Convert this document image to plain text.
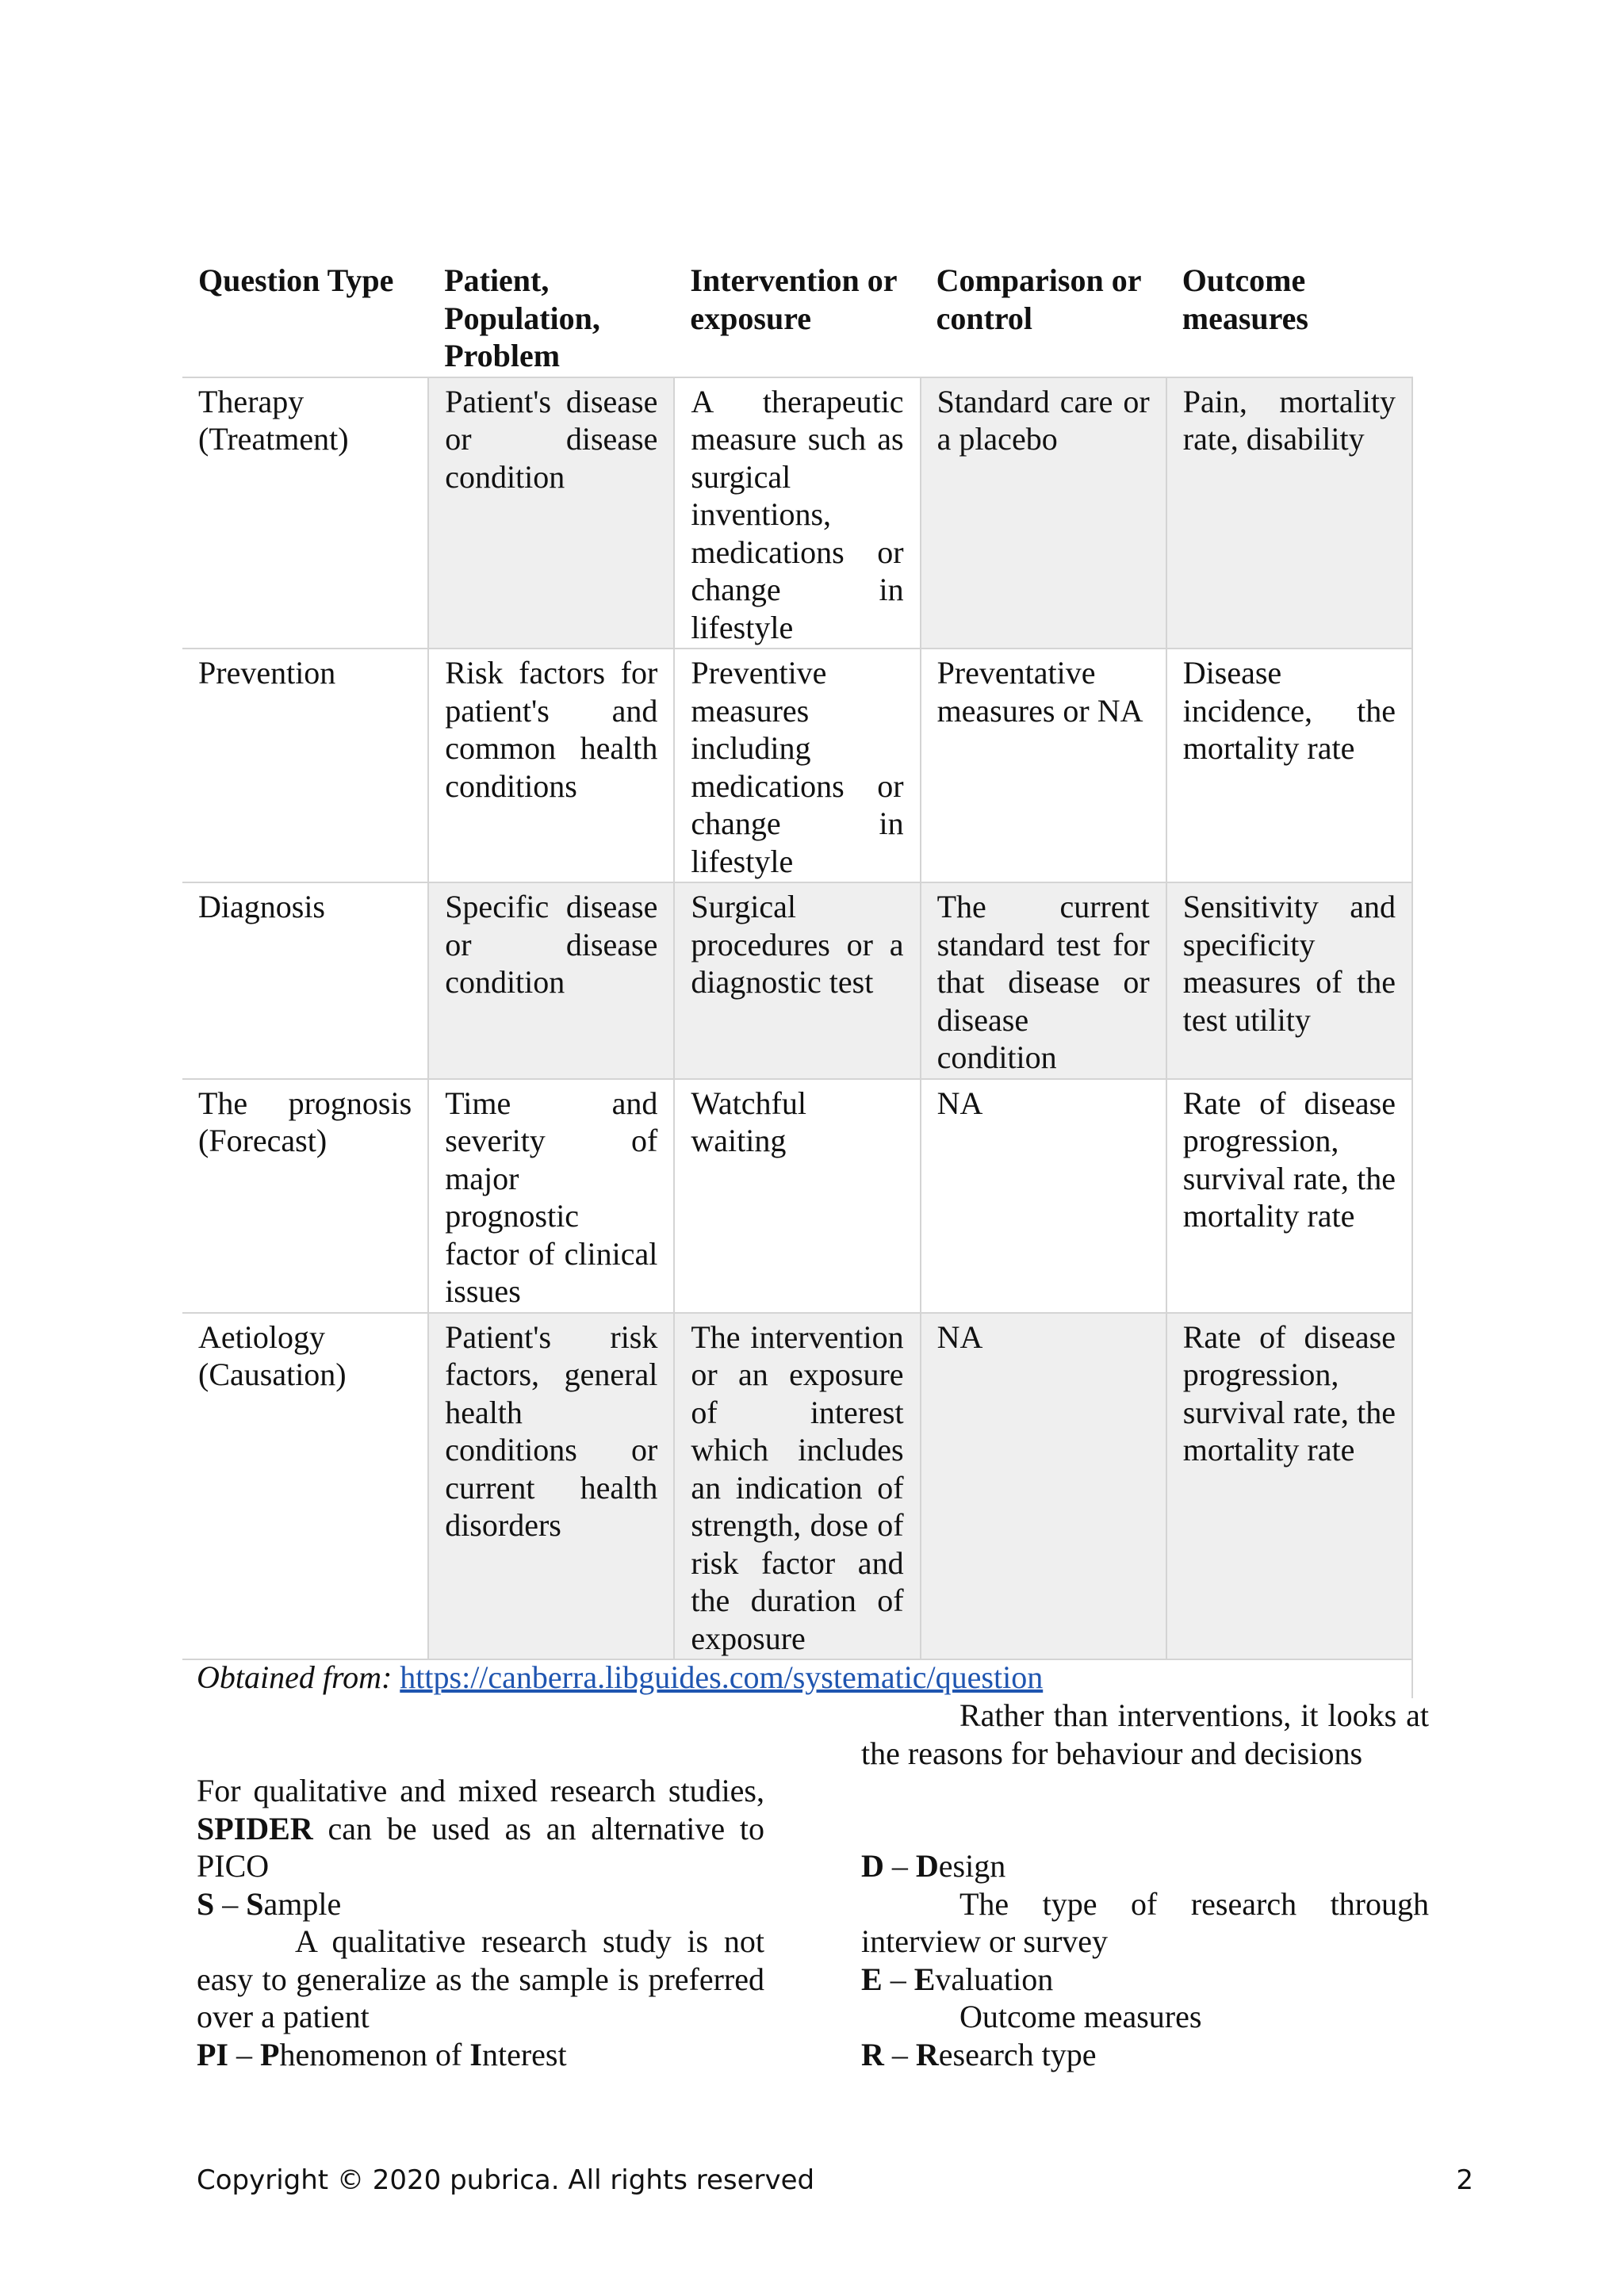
Question Type	Patient, Population, Problem	Intervention or exposure	Comparison or control	Outcome measures
Therapy (Treatment)	Patient's disease or disease condition	A therapeutic measure such as surgical inventions, medications or change in lifestyle	Standard care or a placebo	Pain, mortality rate, disability

Prevention	Risk factors for patient's and common health conditions	Preventive measures including medications or change in lifestyle	Preventative measures or NA	Disease incidence, the mortality rate

Diagnosis	Specific disease or disease condition	Surgical procedures or a diagnostic test	The current standard test for that disease or disease condition	Sensitivity and specificity measures of the test utility

The prognosis (Forecast)	Time and severity of major prognostic factor of clinical issues	Watchful waiting	NA	Rate of disease progression, survival rate, the mortality rate

Aetiology (Causation)	Patient's risk factors, general health conditions or current health disorders	The intervention or an exposure of interest which includes an indication of strength, dose of risk factor and the duration of exposure	NA	Rate of disease progression, survival rate, the mortality rate
Obtained from: https://canberra.libguides.com/systematic/question

For qualitative and mixed research studies, SPIDER can be used as an alternative to PICO

S – Sample

A qualitative research study is not easy to generalize as the sample is preferred over a patient

PI – Phenomenon of Interest

Rather than interventions, it looks at the reasons for behaviour and decisions

D – Design

The type of research through interview or survey

E – Evaluation

Outcome measures

R – Research type

Copyright © 2020 pubrica. All rights reserved	2
